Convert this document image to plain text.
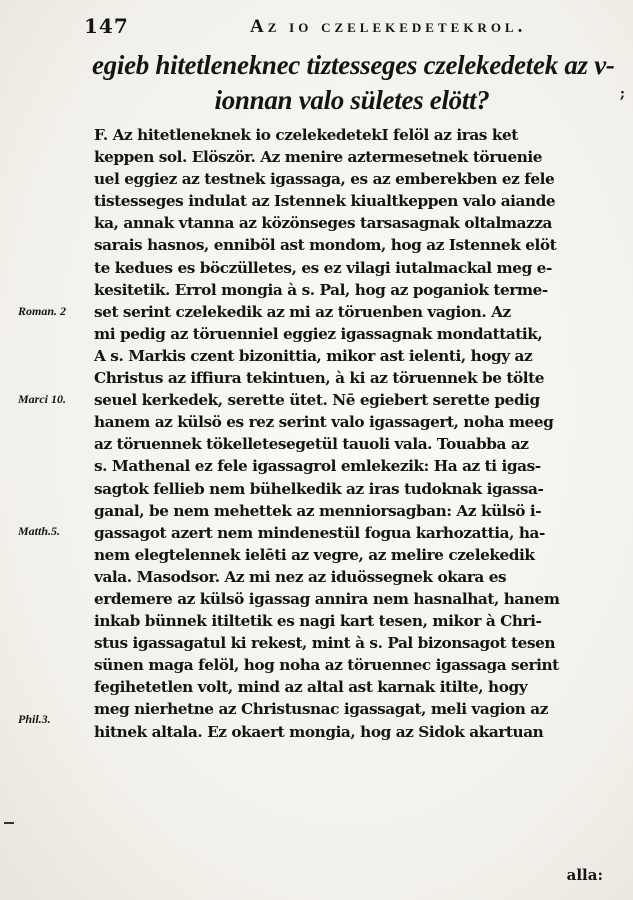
147	Az io czelekedetekrol.
egieb hitetleneknec tiztesseges czelekedetek az v-
ionnan valo sületes elött?	;
F. Az hitetleneknek io czelekedetekI felöl az iras ket
keppen sol. Elöször. Az menire aztermesetnek töruenie
uel eggiez az testnek igassaga, es az emberekben ez fele
tistesseges indulat az Istennek kiualtkeppen valo aiande
ka, annak vtanna az közönseges tarsasagnak oltalmazza
sarais hasnos, enniböl ast mondom, hog az Istennek elöt
te kedues es böczülletes, es ez vilagi iutalmackal meg e-
kesitetik. Errol mongia à s. Pal, hog az poganiok terme-
set serint czelekedik az mi az töruenben vagion. Az
mi pedig az töruenniel eggiez igassagnak mondattatik,
A s. Markis czent bizonittia, mikor ast ielenti, hogy az
Christus az iffiura tekintuen, à ki az töruennek be tölte
seuel kerkedek, serette ütet. Nē egiebert serette pedig
hanem az külsö es rez serint valo igassagert, noha meeg
az töruennek tökelletesegetül tauoli vala. Touabba az
s. Mathenal ez fele igassagrol emlekezik: Ha az ti igas-
sagtok fellieb nem bühelkedik az iras tudoknak igassa-
ganal, be nem mehettek az menniorsagban: Az külsö i-
gassagot azert nem mindenestül fogua karhozattia, ha-
nem elegtelennek ielēti az vegre, az melire czelekedik
vala. Masodsor. Az mi nez az iduössegnek okara es
erdemere az külsö igassag annira nem hasnalhat, hanem
inkab bünnek itiltetik es nagi kart tesen, mikor à Chri-
stus igassagatul ki rekest, mint à s. Pal bizonsagot tesen
sünen maga felöl, hog noha az töruennec igassaga serint
fegihetetlen volt, mind az altal ast karnak itilte, hogy
meg nierhetne az Christusnac igassagat, meli vagion az
hitnek altala. Ez okaert mongia, hog az Sidok akartuan
Roman. 2
Marci 10.
Matth.5.
Phil.3.
alla:
